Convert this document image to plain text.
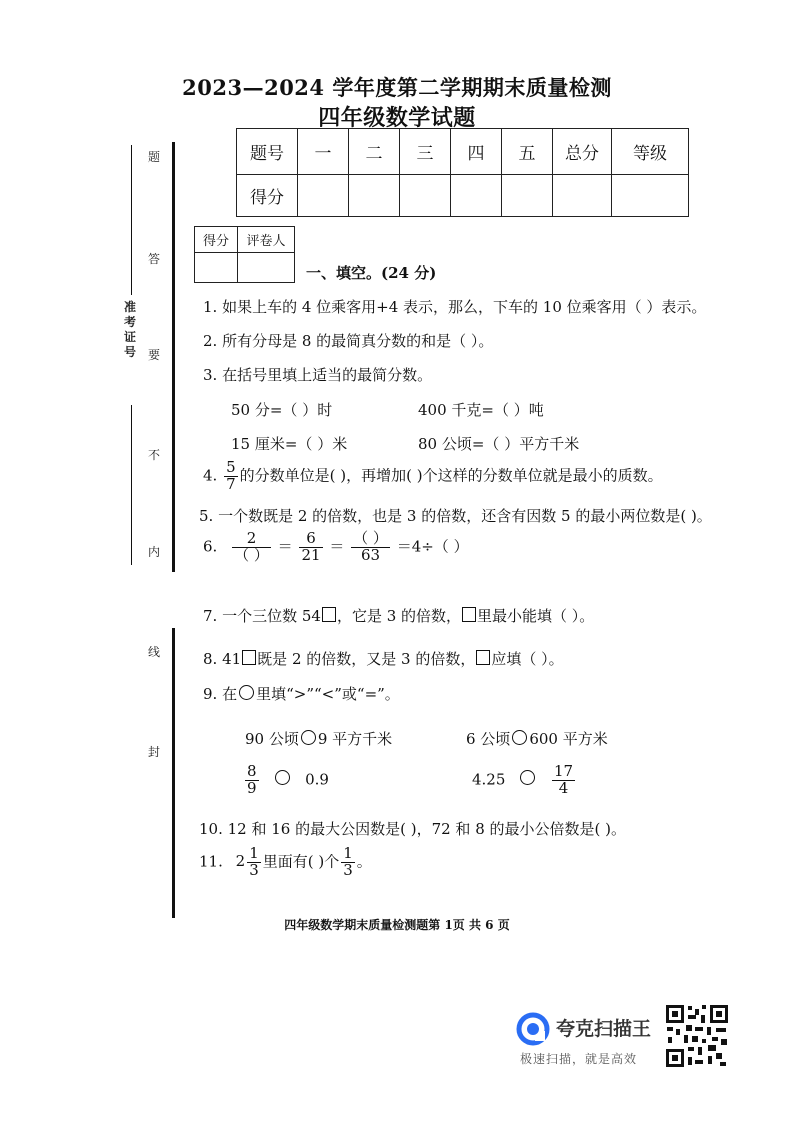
2023—2024 学年度第二学期期末质量检测
四年级数学试题
准考证号
题
答
要
不
内
线
封
题号	一	二	三	四	五	总分	等级
得分							
得分	评卷人

一、填空。(24 分)
1. 如果上车的 4 位乘客用+4 表示，那么，下车的 10 位乘客用（ ）表示。
2. 所有分母是 8 的最简真分数的和是（ ）。
3. 在括号里填上适当的最简分数。
50 分=（ ）时	400 千克=（ ）吨
15 厘米=（ ）米	80 公顷=（ ）平方千米
4. $\frac{5}{7}$ 的分数单位是( )，再增加( )个这样的分数单位就是最小的质数。
5. 一个数既是 2 的倍数，也是 3 的倍数，还含有因数 5 的最小两位数是( )。
6. $\frac{2}{( )} = \frac{6}{21} = \frac{( )}{63} =4\div$（ ）
7. 一个三位数 54 ，它是 3 的倍数， 里最小能填（ ）。
8. 41 既是 2 的倍数，又是 3 的倍数， 应填（ ）。
9. 在 里填“>”“<”或“=”。
90 公顷 9 平方千米	6 公顷 600 平方米
$\frac{8}{9}$	0.9	4.25	$\frac{17}{4}$
10. 12 和 16 的最大公因数是( )，72 和 8 的最小公倍数是( )。
11. $2 \frac{1}{3}$ 里面有( )个 $\frac{1}{3}$ 。
四年级数学期末质量检测题第 1页 共 6 页
夸克扫描王
极速扫描，就是高效
